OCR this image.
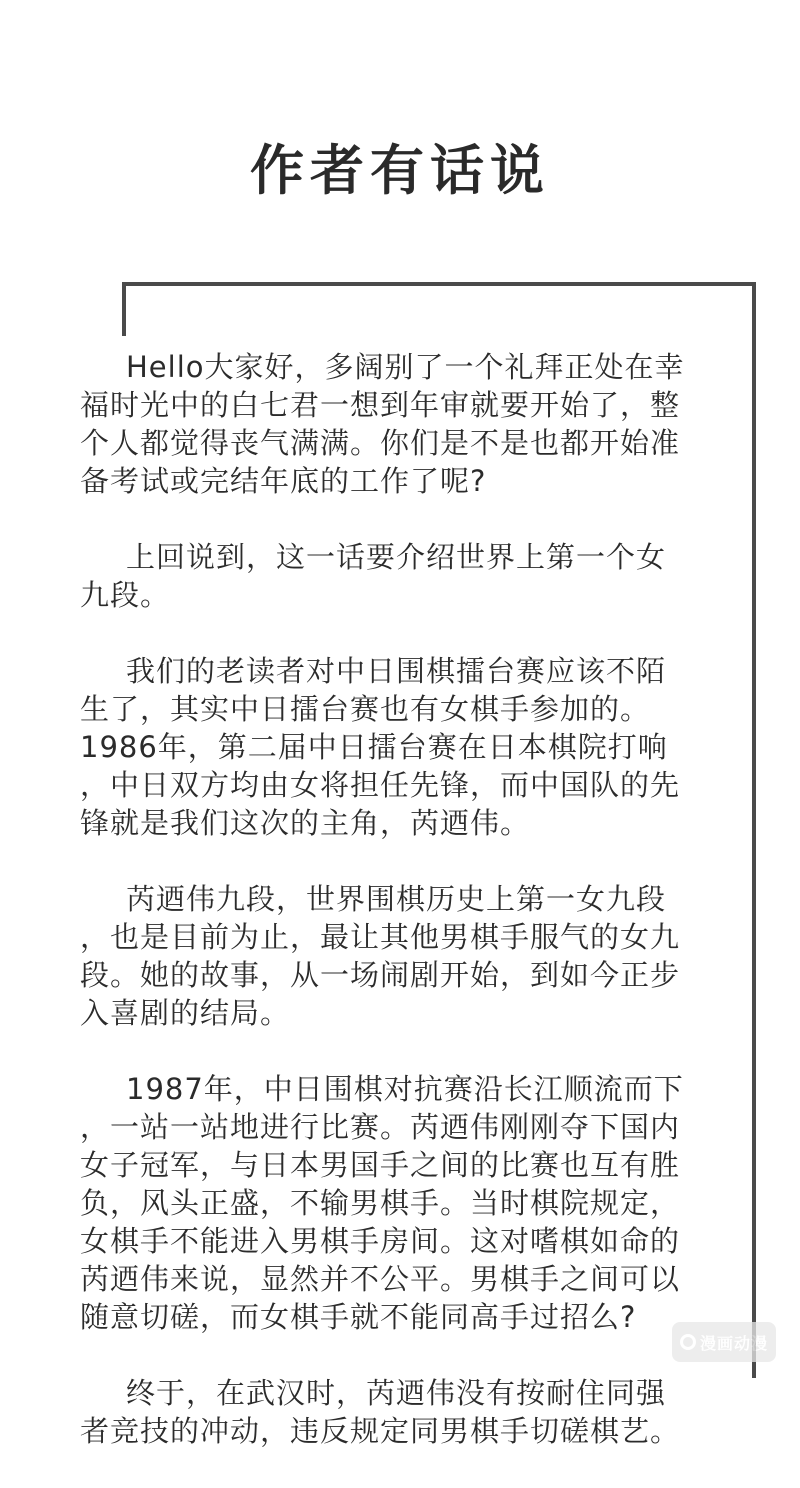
作者有话说

Hello大家好，多阔别了一个礼拜正处在幸
福时光中的白七君一想到年审就要开始了，整
个人都觉得丧气满满。你们是不是也都开始准
备考试或完结年底的工作了呢?

上回说到，这一话要介绍世界上第一个女
九段。

我们的老读者对中日围棋擂台赛应该不陌
生了，其实中日擂台赛也有女棋手参加的。
1986年，第二届中日擂台赛在日本棋院打响
，中日双方均由女将担任先锋，而中国队的先
锋就是我们这次的主角，芮迺伟。

芮迺伟九段，世界围棋历史上第一女九段
，也是目前为止，最让其他男棋手服气的女九
段。她的故事，从一场闹剧开始，到如今正步
入喜剧的结局。

1987年，中日围棋对抗赛沿长江顺流而下
，一站一站地进行比赛。芮迺伟刚刚夺下国内
女子冠军，与日本男国手之间的比赛也互有胜
负，风头正盛，不输男棋手。当时棋院规定，
女棋手不能进入男棋手房间。这对嗜棋如命的
芮迺伟来说，显然并不公平。男棋手之间可以
随意切磋，而女棋手就不能同高手过招么?

终于，在武汉时，芮迺伟没有按耐住同强
者竞技的冲动，违反规定同男棋手切磋棋艺。

漫画动漫
